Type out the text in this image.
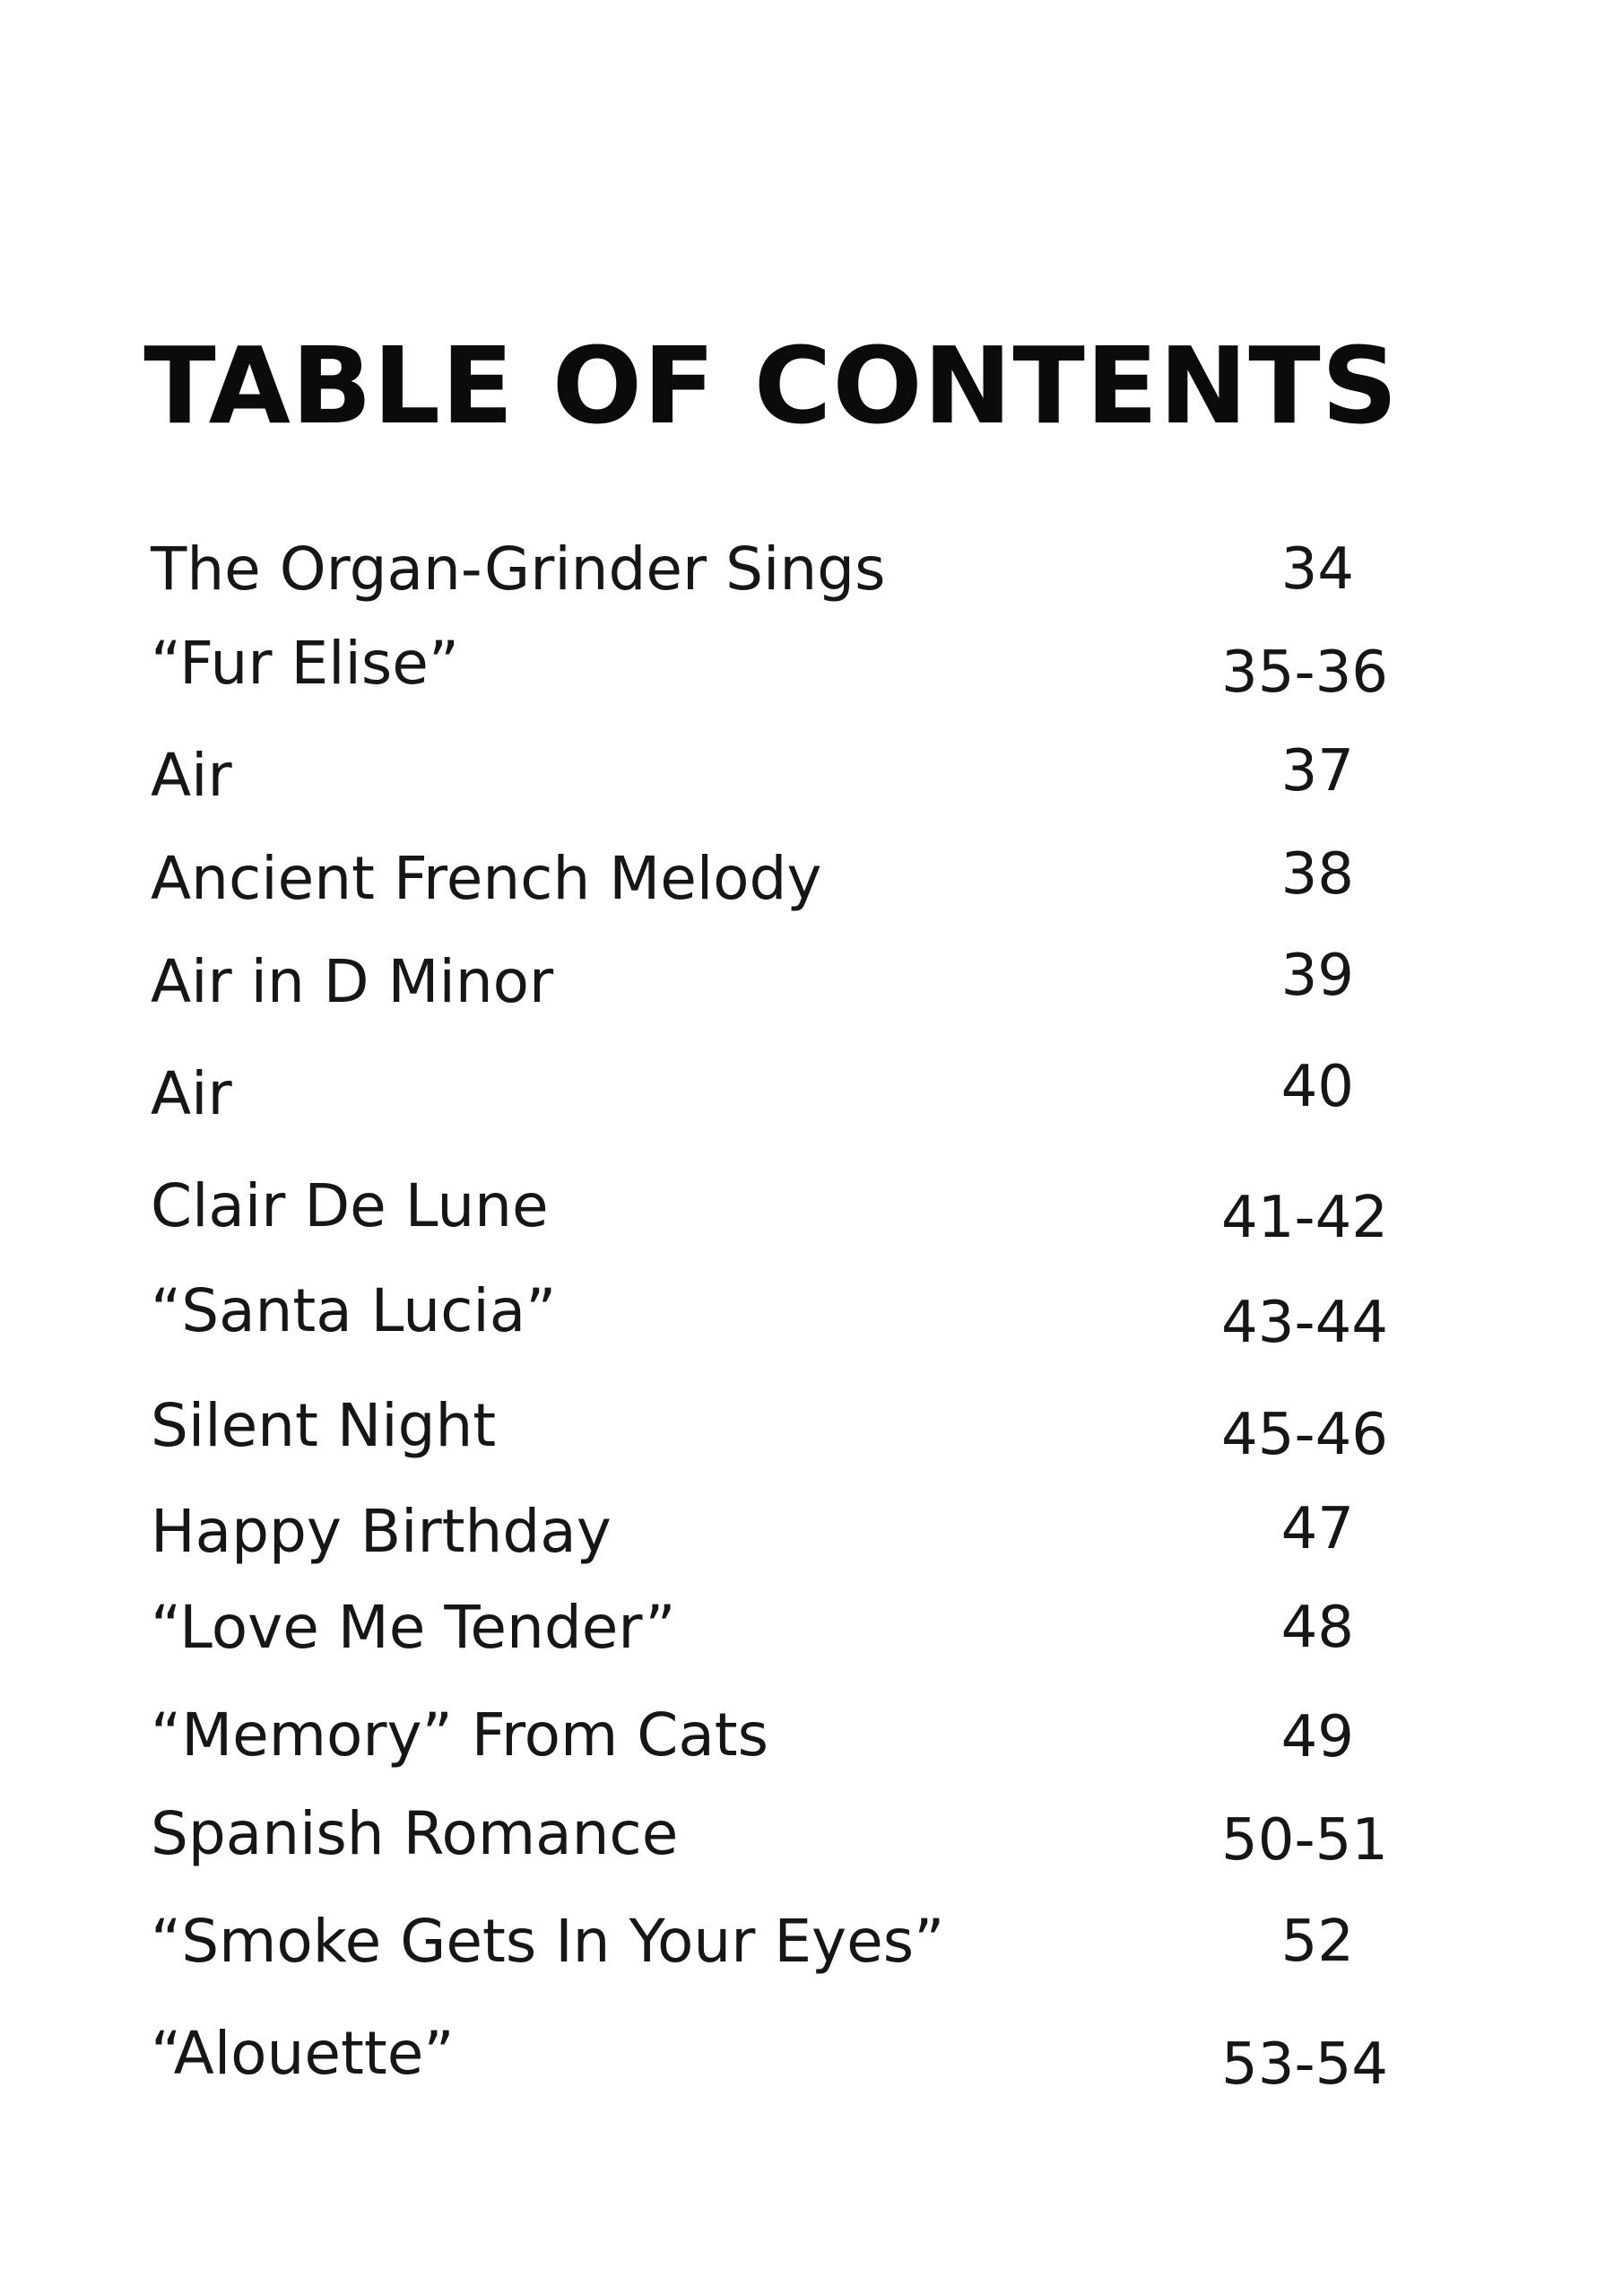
TABLE OF CONTENTS
The Organ-Grinder Sings	34
“Fur Elise”	35-36
Air	37
Ancient French Melody	38
Air in D Minor	39
Air	40
Clair De Lune	41-42
“Santa Lucia”	43-44
Silent Night	45-46
Happy Birthday	47
“Love Me Tender”	48
“Memory” From Cats	49
Spanish Romance	50-51
“Smoke Gets In Your Eyes”	52
“Alouette”	53-54
